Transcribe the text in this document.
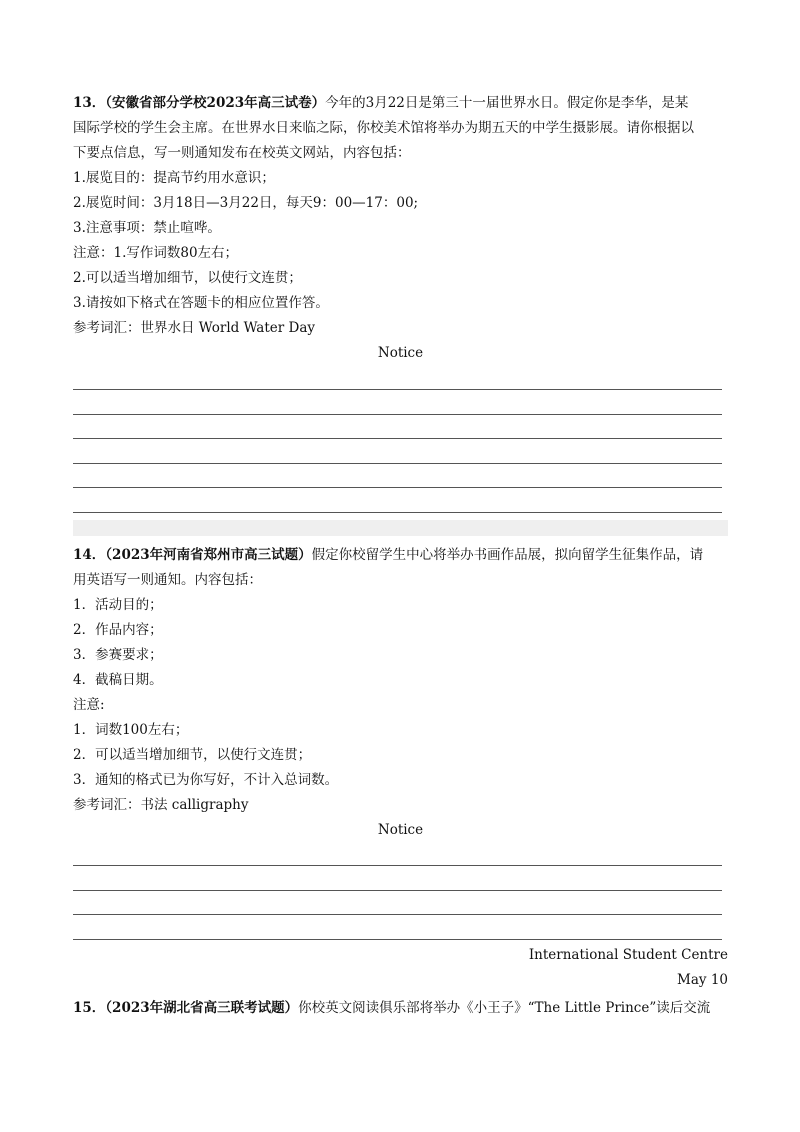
13．（安徽省部分学校2023年高三试卷）今年的3月22日是第三十一届世界水日。假定你是李华，是某

国际学校的学生会主席。在世界水日来临之际，你校美术馆将举办为期五天的中学生摄影展。请你根据以

下要点信息，写一则通知发布在校英文网站，内容包括：

1.展览目的：提高节约用水意识；

2.展览时间：3月18日—3月22日，每天9：00—17：00;

3.注意事项：禁止喧哗。

注意：1.写作词数80左右；

2.可以适当增加细节，以使行文连贯；

3.请按如下格式在答题卡的相应位置作答。

参考词汇：世界水日 World Water Day

Notice

14．（2023年河南省郑州市高三试题）假定你校留学生中心将举办书画作品展，拟向留学生征集作品，请

用英语写一则通知。内容包括：

1．活动目的；

2．作品内容；

3．参赛要求；

4．截稿日期。

注意:

1．词数100左右；

2．可以适当增加细节，以使行文连贯；

3．通知的格式已为你写好，不计入总词数。

参考词汇：书法 calligraphy

Notice

International Student Centre
May 10

15．（2023年湖北省高三联考试题）你校英文阅读俱乐部将举办《小王子》“The Little Prince”读后交流
